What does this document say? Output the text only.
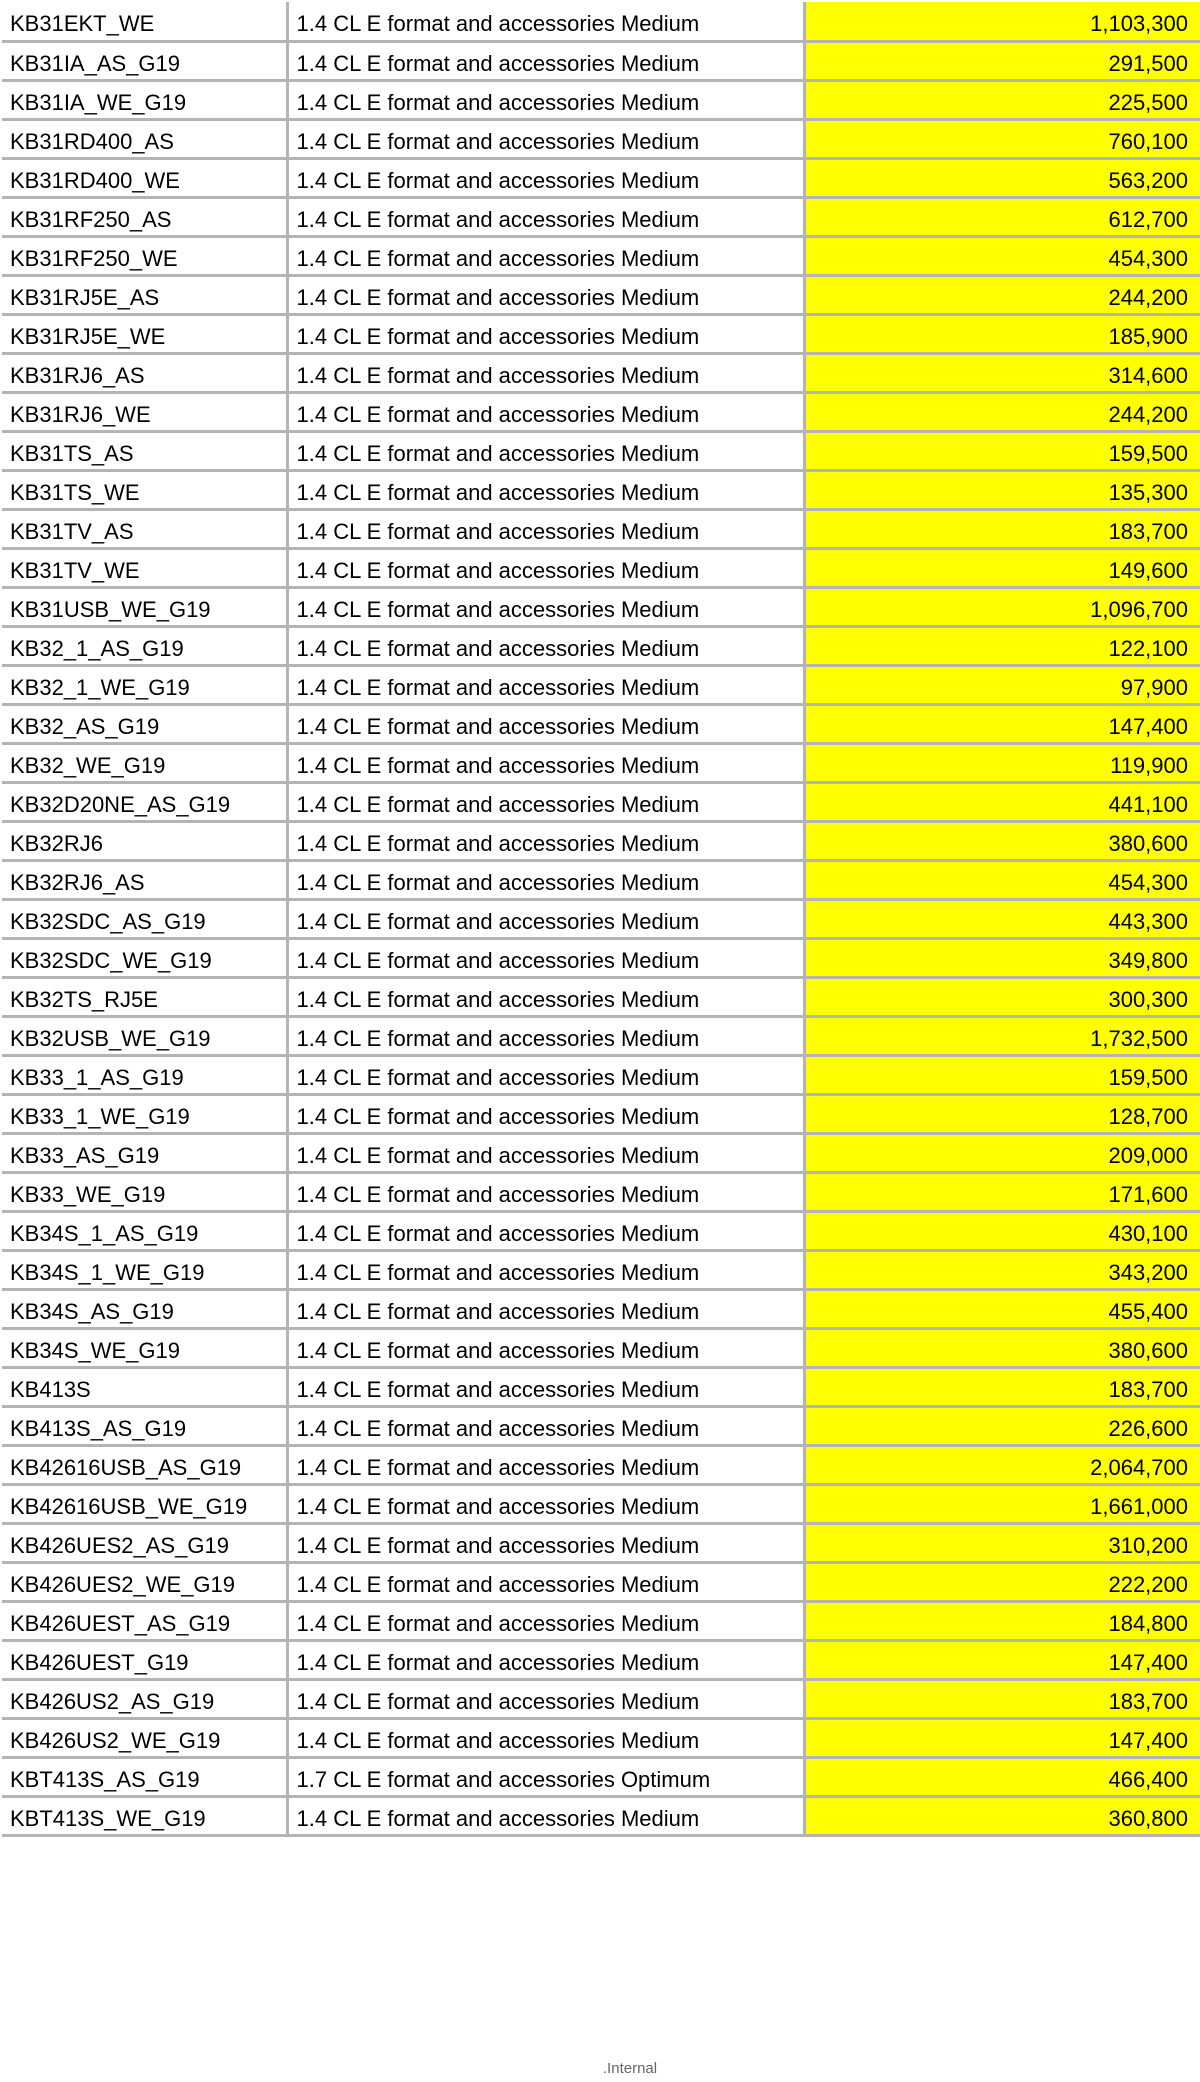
KB31EKT_WE	1.4 CL E format and accessories Medium	1,103,300
KB31IA_AS_G19	1.4 CL E format and accessories Medium	291,500
KB31IA_WE_G19	1.4 CL E format and accessories Medium	225,500
KB31RD400_AS	1.4 CL E format and accessories Medium	760,100
KB31RD400_WE	1.4 CL E format and accessories Medium	563,200
KB31RF250_AS	1.4 CL E format and accessories Medium	612,700
KB31RF250_WE	1.4 CL E format and accessories Medium	454,300
KB31RJ5E_AS	1.4 CL E format and accessories Medium	244,200
KB31RJ5E_WE	1.4 CL E format and accessories Medium	185,900
KB31RJ6_AS	1.4 CL E format and accessories Medium	314,600
KB31RJ6_WE	1.4 CL E format and accessories Medium	244,200
KB31TS_AS	1.4 CL E format and accessories Medium	159,500
KB31TS_WE	1.4 CL E format and accessories Medium	135,300
KB31TV_AS	1.4 CL E format and accessories Medium	183,700
KB31TV_WE	1.4 CL E format and accessories Medium	149,600
KB31USB_WE_G19	1.4 CL E format and accessories Medium	1,096,700
KB32_1_AS_G19	1.4 CL E format and accessories Medium	122,100
KB32_1_WE_G19	1.4 CL E format and accessories Medium	97,900
KB32_AS_G19	1.4 CL E format and accessories Medium	147,400
KB32_WE_G19	1.4 CL E format and accessories Medium	119,900
KB32D20NE_AS_G19	1.4 CL E format and accessories Medium	441,100
KB32RJ6	1.4 CL E format and accessories Medium	380,600
KB32RJ6_AS	1.4 CL E format and accessories Medium	454,300
KB32SDC_AS_G19	1.4 CL E format and accessories Medium	443,300
KB32SDC_WE_G19	1.4 CL E format and accessories Medium	349,800
KB32TS_RJ5E	1.4 CL E format and accessories Medium	300,300
KB32USB_WE_G19	1.4 CL E format and accessories Medium	1,732,500
KB33_1_AS_G19	1.4 CL E format and accessories Medium	159,500
KB33_1_WE_G19	1.4 CL E format and accessories Medium	128,700
KB33_AS_G19	1.4 CL E format and accessories Medium	209,000
KB33_WE_G19	1.4 CL E format and accessories Medium	171,600
KB34S_1_AS_G19	1.4 CL E format and accessories Medium	430,100
KB34S_1_WE_G19	1.4 CL E format and accessories Medium	343,200
KB34S_AS_G19	1.4 CL E format and accessories Medium	455,400
KB34S_WE_G19	1.4 CL E format and accessories Medium	380,600
KB413S	1.4 CL E format and accessories Medium	183,700
KB413S_AS_G19	1.4 CL E format and accessories Medium	226,600
KB42616USB_AS_G19	1.4 CL E format and accessories Medium	2,064,700
KB42616USB_WE_G19	1.4 CL E format and accessories Medium	1,661,000
KB426UES2_AS_G19	1.4 CL E format and accessories Medium	310,200
KB426UES2_WE_G19	1.4 CL E format and accessories Medium	222,200
KB426UEST_AS_G19	1.4 CL E format and accessories Medium	184,800
KB426UEST_G19	1.4 CL E format and accessories Medium	147,400
KB426US2_AS_G19	1.4 CL E format and accessories Medium	183,700
KB426US2_WE_G19	1.4 CL E format and accessories Medium	147,400
KBT413S_AS_G19	1.7 CL E format and accessories Optimum	466,400
KBT413S_WE_G19	1.4 CL E format and accessories Medium	360,800
.Internal
